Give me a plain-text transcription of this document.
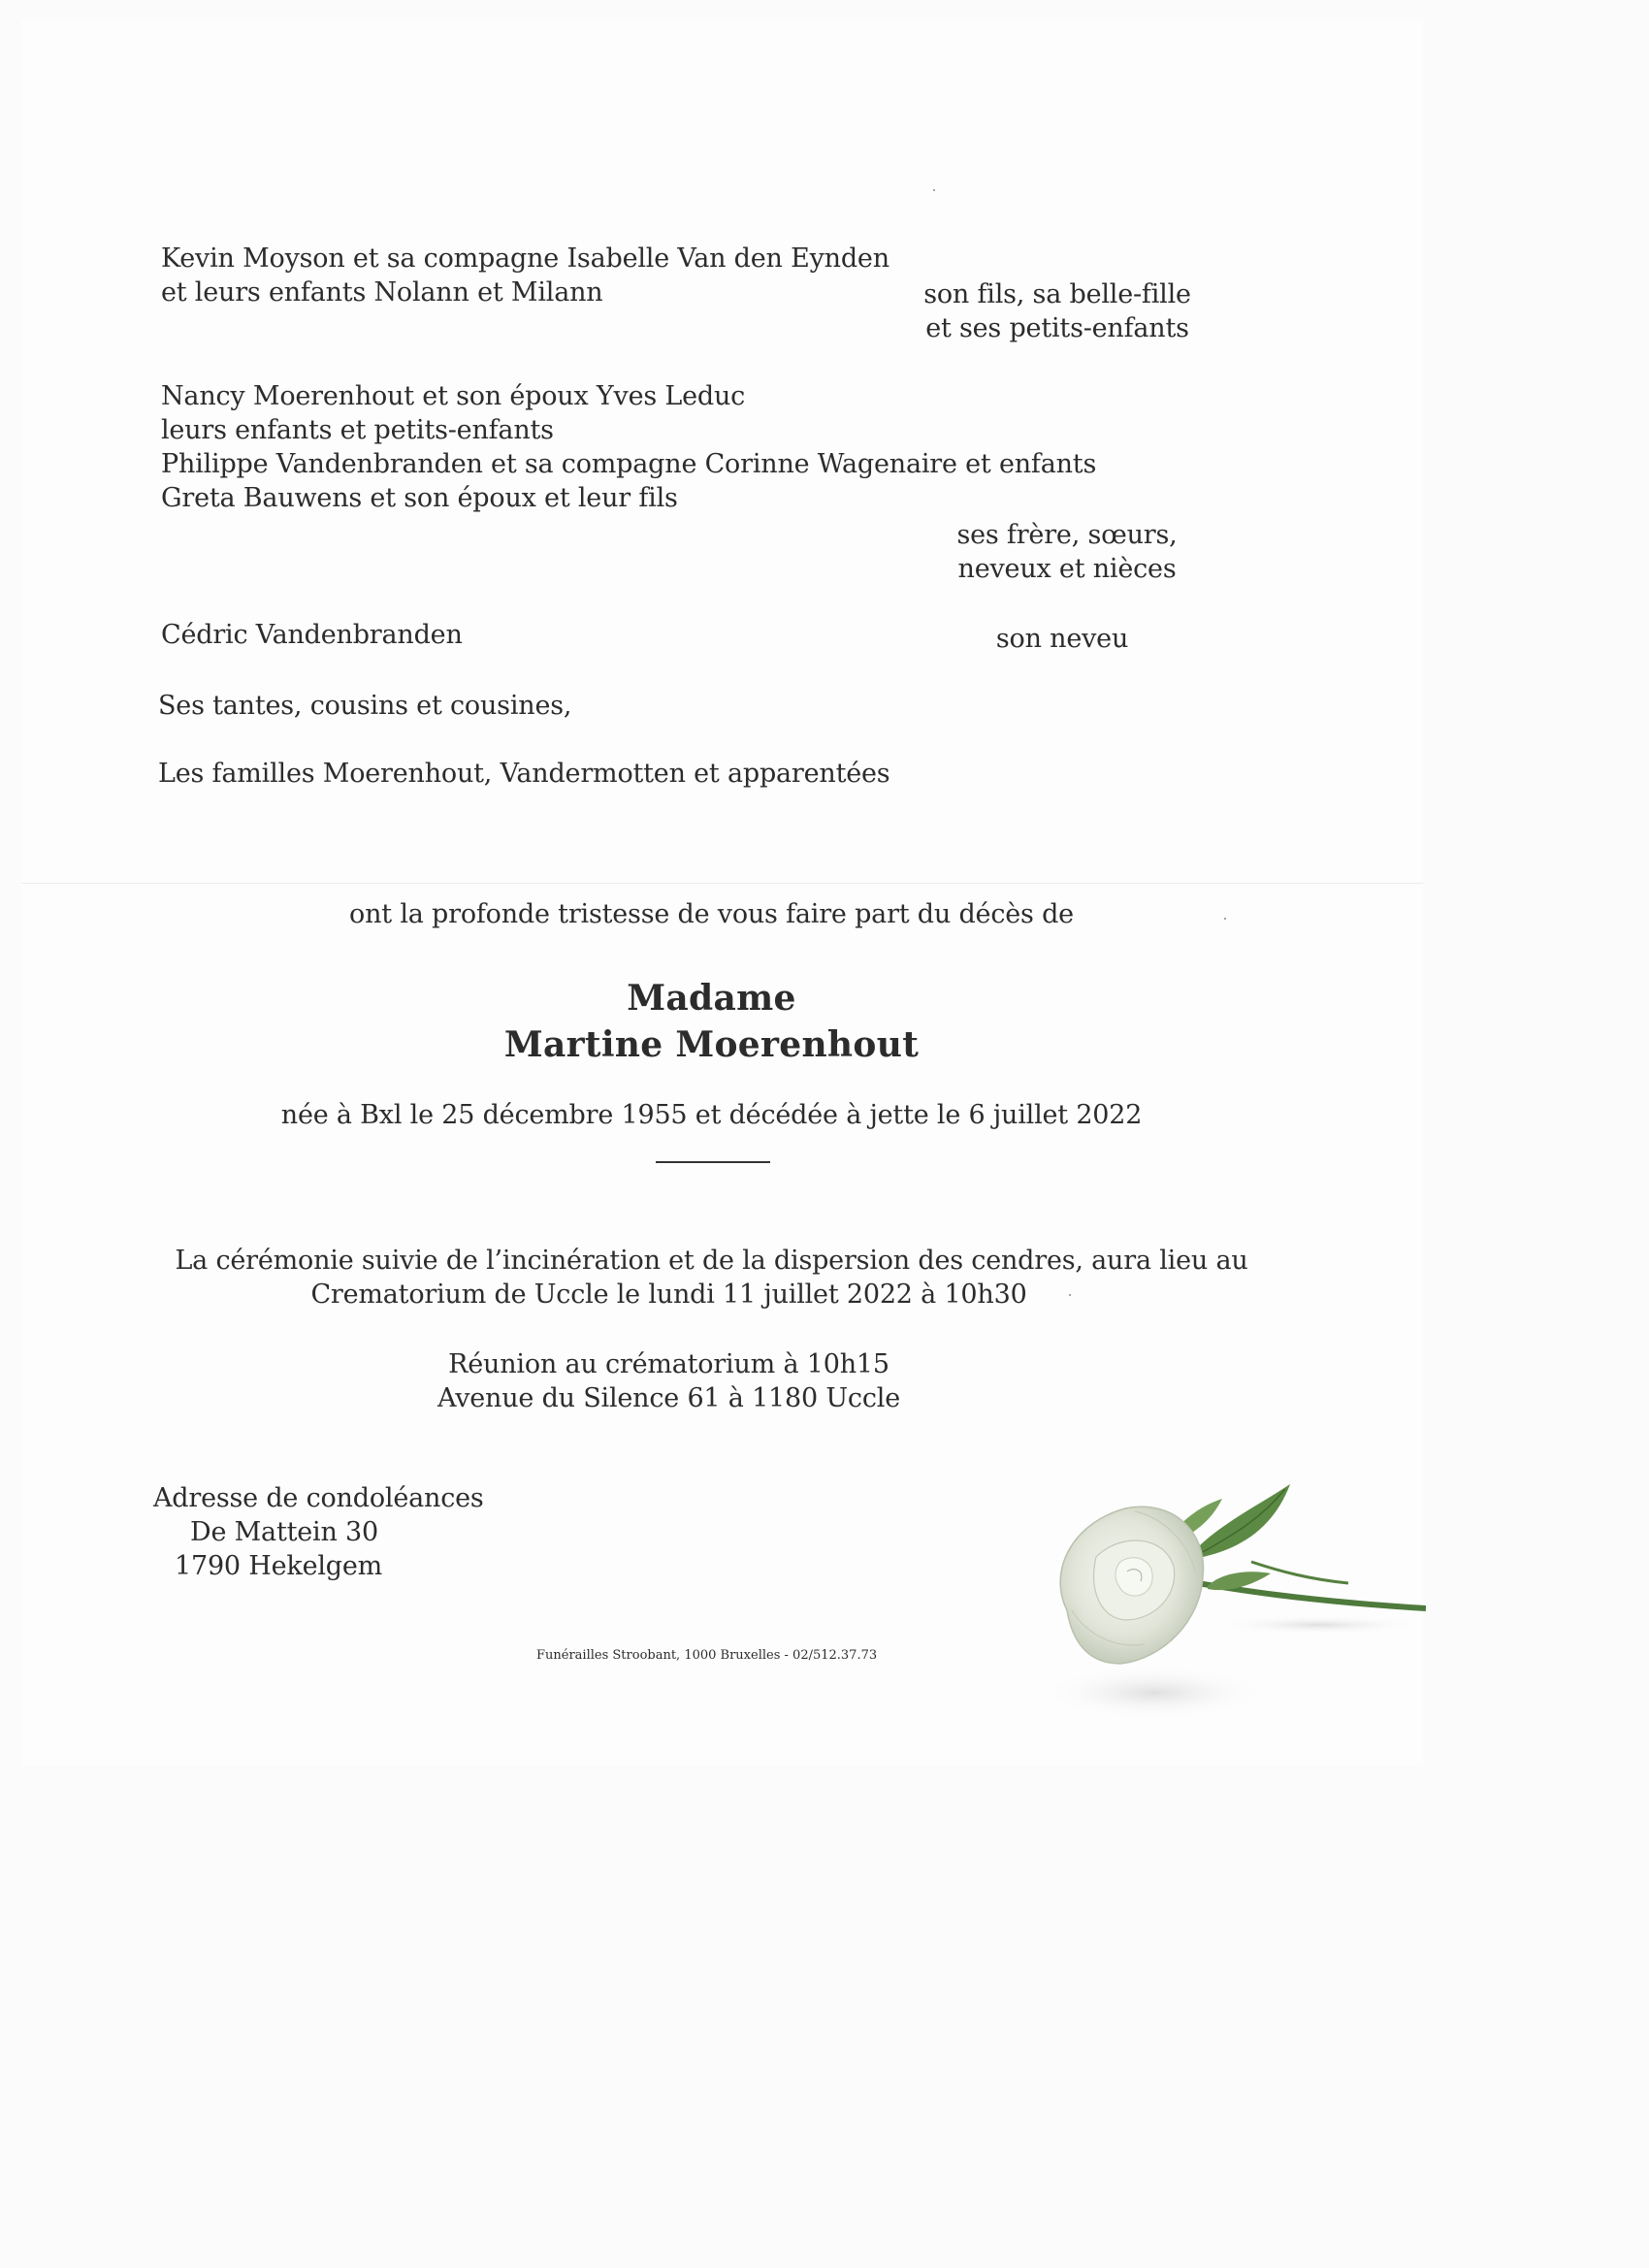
Kevin Moyson et sa compagne Isabelle Van den Eynden
et leurs enfants Nolann et Milann	son fils, sa belle-fille
et ses petits-enfants
Nancy Moerenhout et son époux Yves Leduc
leurs enfants et petits-enfants
Philippe Vandenbranden et sa compagne Corinne Wagenaire et enfants
Greta Bauwens et son époux et leur fils
ses frère, sœurs,
neveux et nièces
Cédric Vandenbranden	son neveu
Ses tantes, cousins et cousines,
Les familles Moerenhout, Vandermotten et apparentées
ont la profonde tristesse de vous faire part du décès de
Madame
Martine Moerenhout
née à Bxl le 25 décembre 1955 et décédée à jette le 6 juillet 2022
La cérémonie suivie de l’incinération et de la dispersion des cendres, aura lieu au
Crematorium de Uccle le lundi 11 juillet 2022 à 10h30
Réunion au crématorium à 10h15
Avenue du Silence 61 à 1180 Uccle
Adresse de condoléances
De Mattein 30
1790 Hekelgem
Funérailles Stroobant, 1000 Bruxelles - 02/512.37.73
